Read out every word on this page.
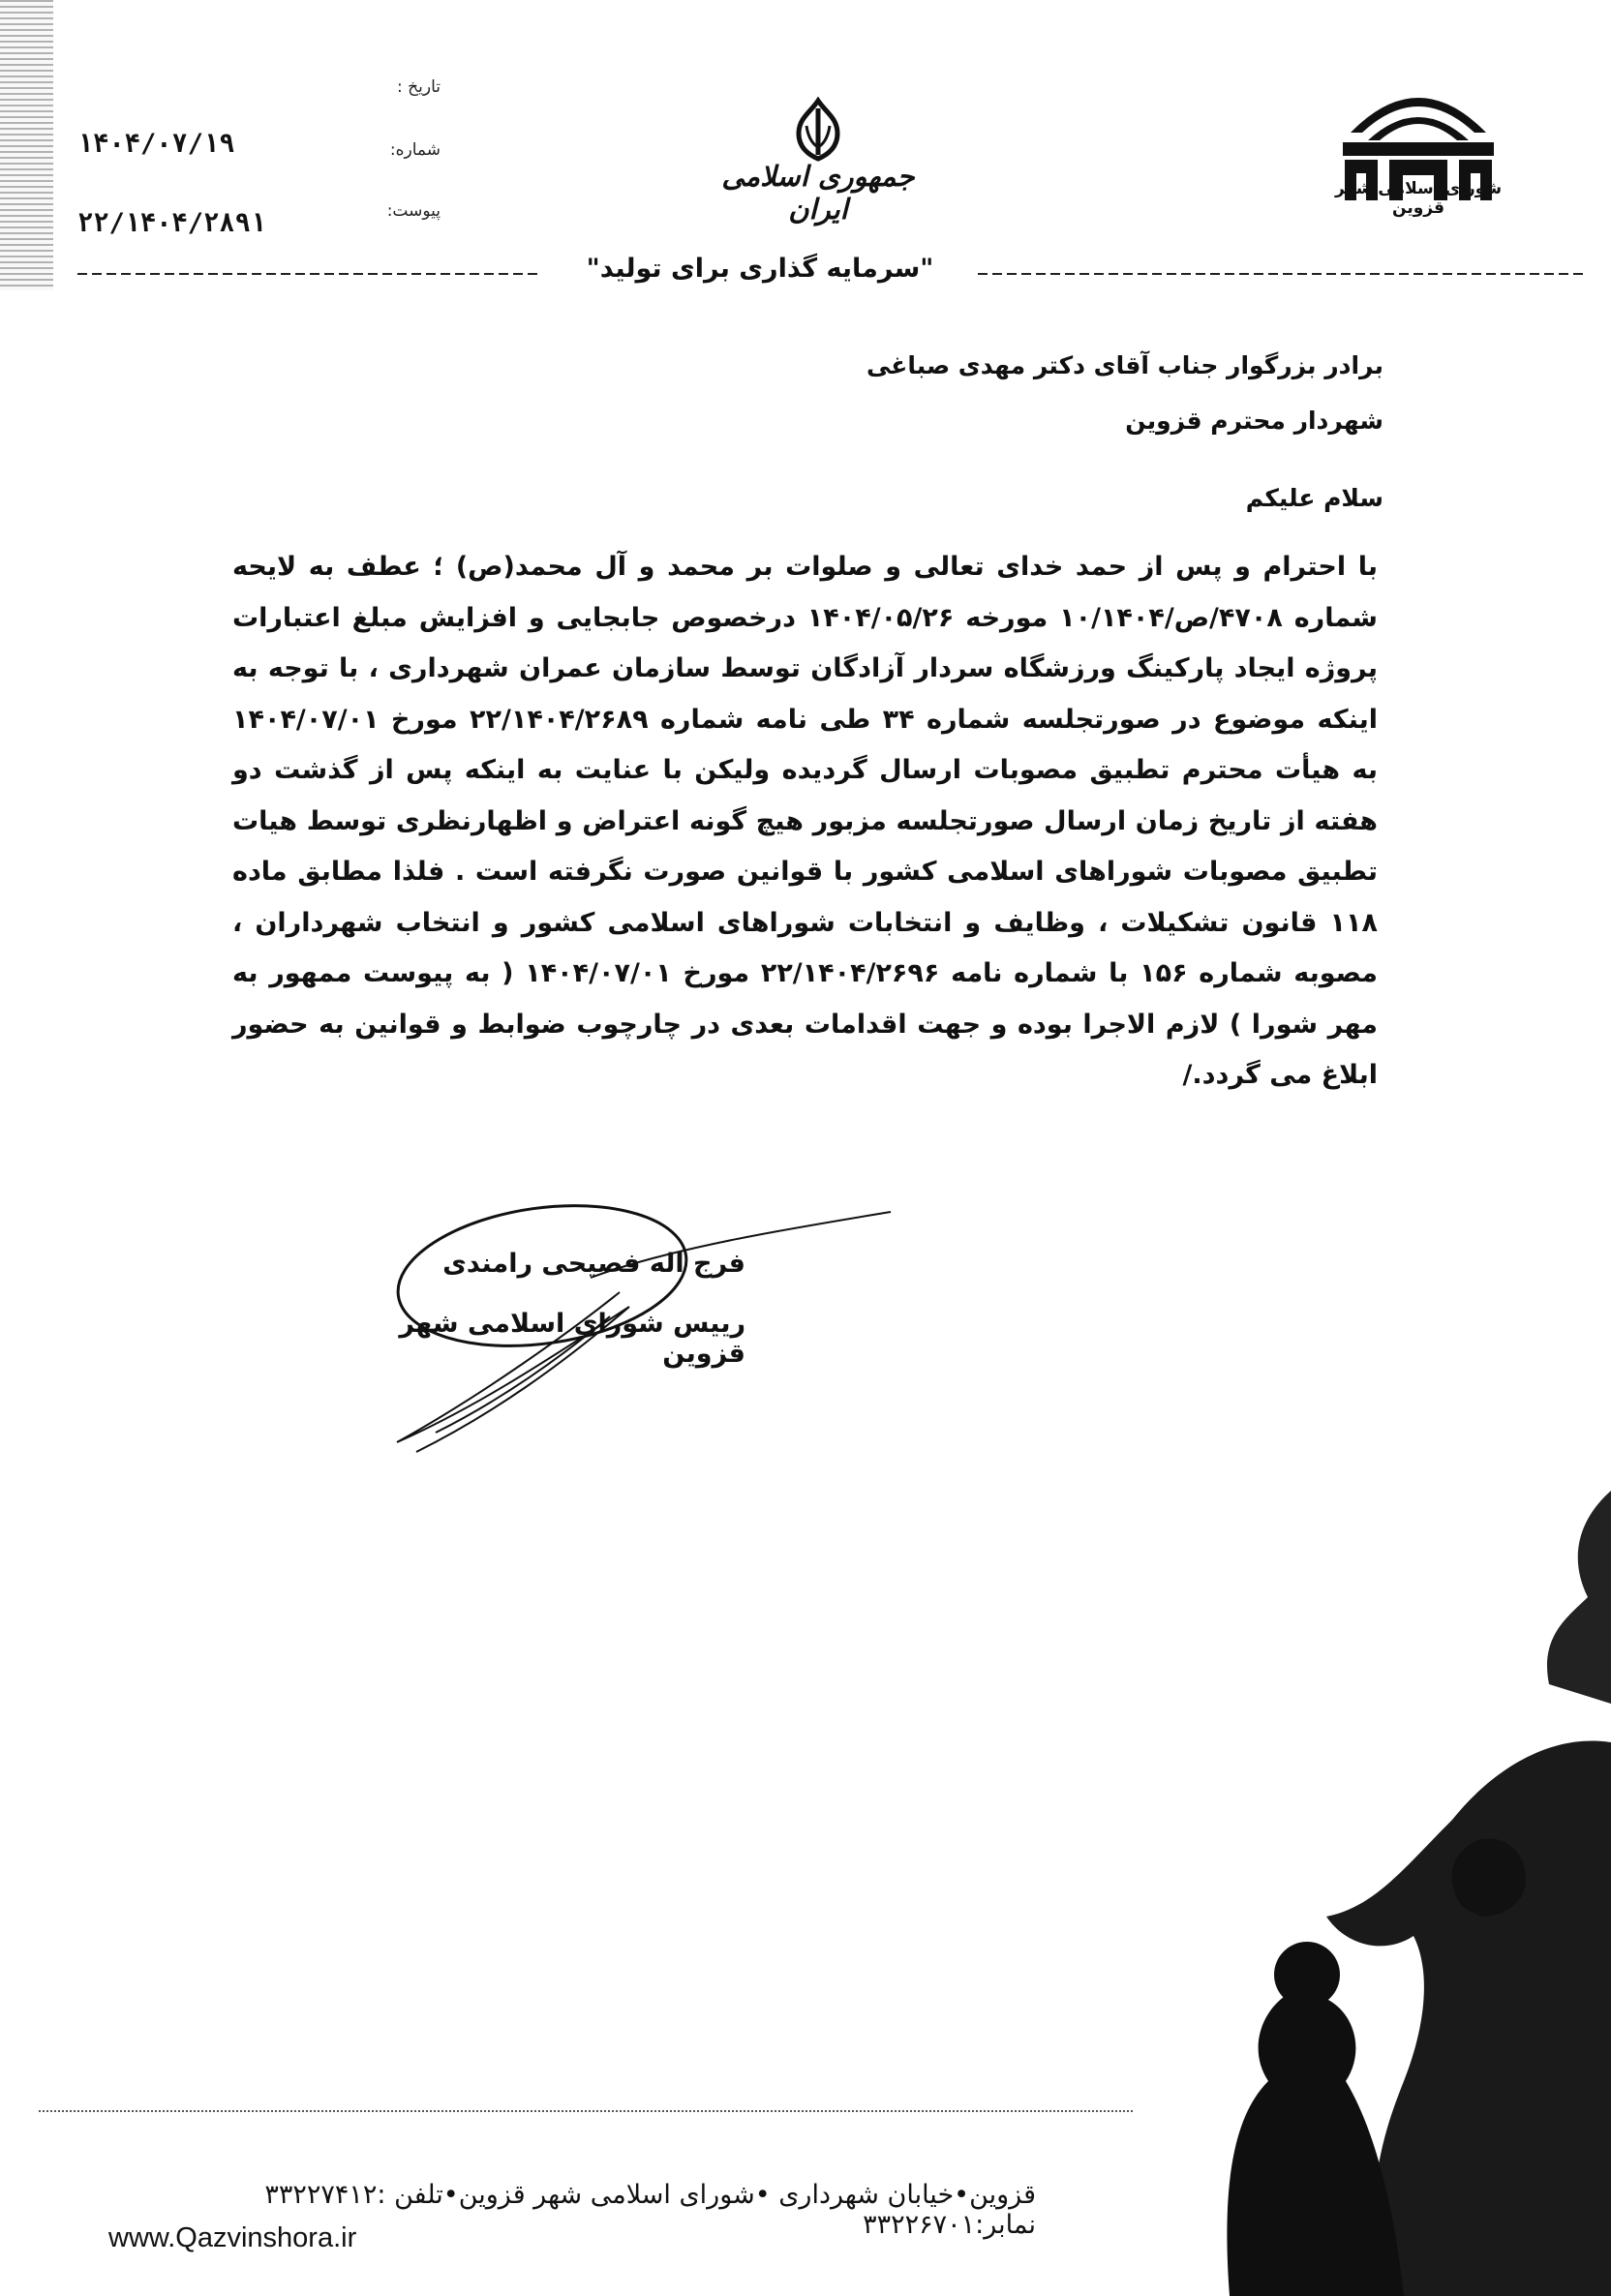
شورای اسلامی شهر قزوین
جمهوری اسلامی ایران
تاریخ :
شماره:
پیوست:
۱۴۰۴/۰۷/۱۹
۲۲/۱۴۰۴/۲۸۹۱
"سرمایه گذاری برای تولید"
برادر بزرگوار جناب آقای دکتر مهدی صباغی
شهردار محترم قزوین
سلام علیکم
با احترام و پس از حمد خدای تعالی و صلوات بر محمد و آل محمد(ص) ؛ عطف به لایحه شماره ۴۷۰۸/ص/۱۰/۱۴۰۴ مورخه ۱۴۰۴/۰۵/۲۶ درخصوص جابجایی و افزایش مبلغ اعتبارات پروژه ایجاد پارکینگ ورزشگاه سردار آزادگان توسط سازمان عمران شهرداری ، با توجه به اینکه موضوع در صورتجلسه شماره ۳۴ طی نامه شماره ۲۲/۱۴۰۴/۲۶۸۹ مورخ ۱۴۰۴/۰۷/۰۱ به هیأت محترم تطبیق مصوبات ارسال گردیده ولیکن با عنایت به اینکه پس از گذشت دو هفته از تاریخ زمان ارسال صورتجلسه مزبور هیچ گونه اعتراض و اظهارنظری توسط هیات تطبیق مصوبات شوراهای اسلامی کشور با قوانین صورت نگرفته است . فلذا مطابق ماده ۱۱۸ قانون تشکیلات ، وظایف و انتخابات شوراهای اسلامی کشور و انتخاب شهرداران ، مصوبه شماره ۱۵۶ با شماره نامه ۲۲/۱۴۰۴/۲۶۹۶ مورخ ۱۴۰۴/۰۷/۰۱ ( به پیوست ممهور به مهر شورا ) لازم الاجرا بوده و جهت اقدامات بعدی در چارچوب ضوابط و قوانین به حضور ابلاغ می گردد./
فرج اله فصیحی رامندی
رییس شورای اسلامی شهر قزوین
قزوین•خیابان شهرداری •شورای اسلامی شهر قزوین•تلفن :۳۳۲۲۷۴۱۲ نمابر:۳۳۲۲۶۷۰۱
www.Qazvinshora.ir
